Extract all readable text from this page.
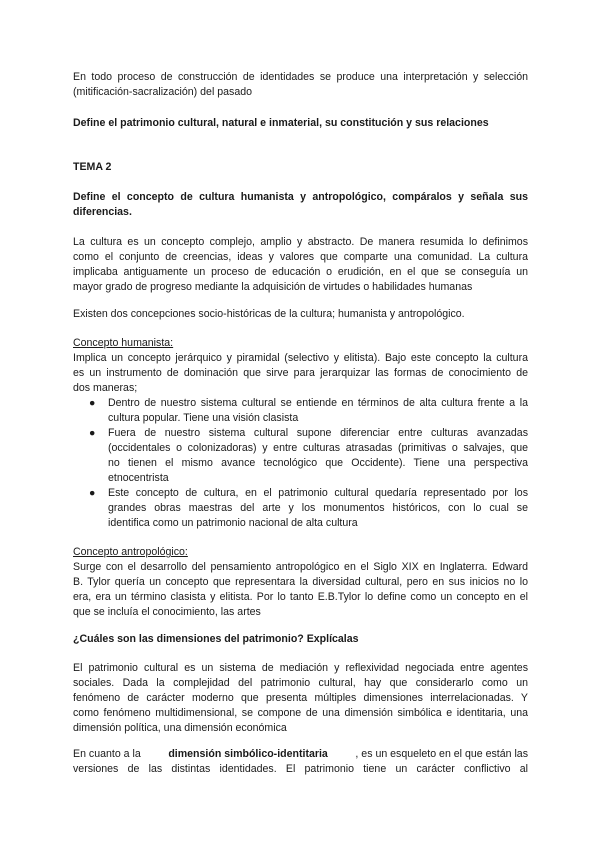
En todo proceso de construcción de identidades se produce una interpretación y selección
(mitificación-sacralización) del pasado
Define el patrimonio cultural, natural e inmaterial, su constitución y sus relaciones
TEMA 2
Define el concepto de cultura humanista y antropológico, compáralos y señala sus
diferencias.
La cultura es un concepto complejo, amplio y abstracto. De manera resumida lo definimos
como el conjunto de creencias, ideas y valores que comparte una comunidad. La cultura
implicaba antiguamente un proceso de educación o erudición, en el que se conseguía un
mayor grado de progreso mediante la adquisición de virtudes o habilidades humanas
Existen dos concepciones socio-históricas de la cultura; humanista y antropológico.
Concepto humanista:
Implica un concepto jerárquico y piramidal (selectivo y elitista). Bajo este concepto la cultura
es un instrumento de dominación que sirve para jerarquizar las formas de conocimiento de
dos maneras;
● Dentro de nuestro sistema cultural se entiende en términos de alta cultura frente a la
cultura popular. Tiene una visión clasista
● Fuera de nuestro sistema cultural supone diferenciar entre culturas avanzadas
(occidentales o colonizadoras) y entre culturas atrasadas (primitivas o salvajes, que
no tienen el mismo avance tecnológico que Occidente). Tiene una perspectiva
etnocentrista
● Este concepto de cultura, en el patrimonio cultural quedaría representado por los
grandes obras maestras del arte y los monumentos históricos, con lo cual se
identifica como un patrimonio nacional de alta cultura
Concepto antropológico:
Surge con el desarrollo del pensamiento antropológico en el Siglo XIX en Inglaterra. Edward
B. Tylor quería un concepto que representara la diversidad cultural, pero en sus inicios no lo
era, era un término clasista y elitista. Por lo tanto E.B.Tylor lo define como un concepto en el
que se incluía el conocimiento, las artes
¿Cuáles son las dimensiones del patrimonio? Explícalas
El patrimonio cultural es un sistema de mediación y reflexividad negociada entre agentes
sociales. Dada la complejidad del patrimonio cultural, hay que considerarlo como un
fenómeno de carácter moderno que presenta múltiples dimensiones interrelacionadas. Y
como fenómeno multidimensional, se compone de una dimensión simbólica e identitaria, una
dimensión política, una dimensión económica
En cuanto a la	dimensión simbólico-identitaria	, es un esqueleto en el que están las
versiones de las distintas identidades. El patrimonio tiene un carácter conflictivo al
